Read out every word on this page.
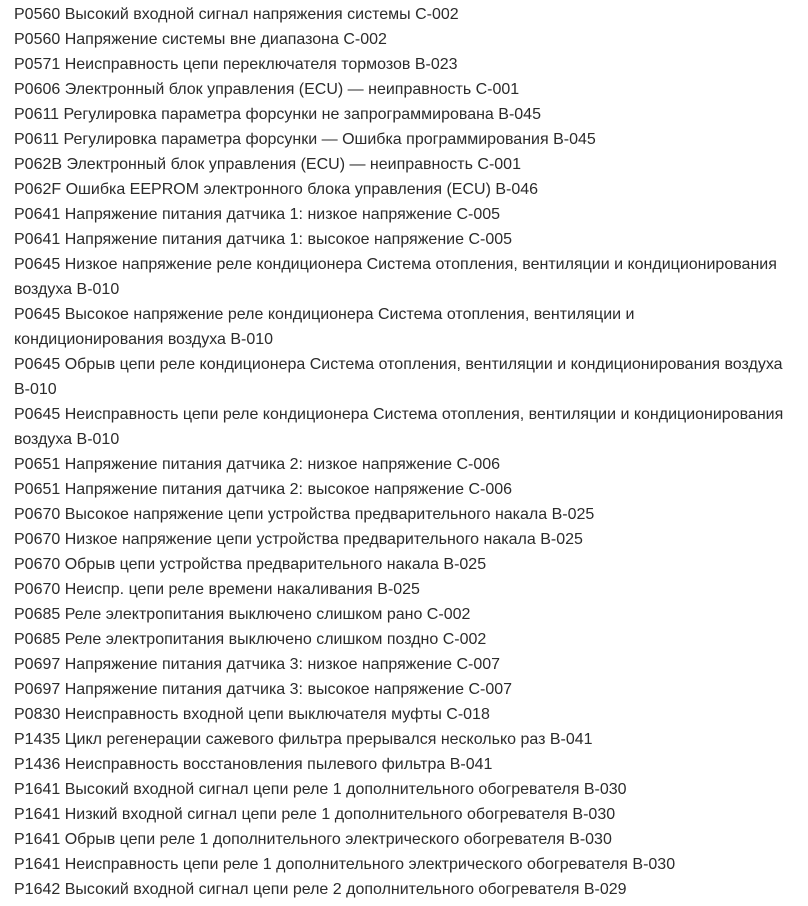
P0560 Высокий входной сигнал напряжения системы С-002
P0560 Напряжение системы вне диапазона С-002
P0571 Неисправность цепи переключателя тормозов В-023
P0606 Электронный блок управления (ECU) — неиправность С-001
P0611 Регулировка параметра форсунки не запрограммирована В-045
P0611 Регулировка параметра форсунки — Ошибка программирования В-045
P062B Электронный блок управления (ECU) — неиправность С-001
P062F Ошибка EEPROM электронного блока управления (ECU) В-046
P0641 Напряжение питания датчика 1: низкое напряжение С-005
P0641 Напряжение питания датчика 1: высокое напряжение С-005
P0645 Низкое напряжение реле кондиционера Система отопления, вентиляции и кондиционирования воздуха В-010
P0645 Высокое напряжение реле кондиционера Система отопления, вентиляции и кондиционирования воздуха В-010
P0645 Обрыв цепи реле кондиционера Система отопления, вентиляции и кондиционирования воздуха В-010
P0645 Неисправность цепи реле кондиционера Система отопления, вентиляции и кондиционирования воздуха В-010
P0651 Напряжение питания датчика 2: низкое напряжение С-006
P0651 Напряжение питания датчика 2: высокое напряжение С-006
P0670 Высокое напряжение цепи устройства предварительного накала В-025
P0670 Низкое напряжение цепи устройства предварительного накала В-025
P0670 Обрыв цепи устройства предварительного накала В-025
P0670 Неиспр. цепи реле времени накаливания В-025
P0685 Реле электропитания выключено слишком рано С-002
P0685 Реле электропитания выключено слишком поздно С-002
P0697 Напряжение питания датчика 3: низкое напряжение С-007
P0697 Напряжение питания датчика 3: высокое напряжение С-007
P0830 Неисправность входной цепи выключателя муфты С-018
P1435 Цикл регенерации сажевого фильтра прерывался несколько раз В-041
P1436 Неисправность восстановления пылевого фильтра В-041
P1641 Высокий входной сигнал цепи реле 1 дополнительного обогревателя В-030
P1641 Низкий входной сигнал цепи реле 1 дополнительного обогревателя В-030
P1641 Обрыв цепи реле 1 дополнительного электрического обогревателя В-030
P1641 Неисправность цепи реле 1 дополнительного электрического обогревателя В-030
P1642 Высокий входной сигнал цепи реле 2 дополнительного обогревателя В-029
